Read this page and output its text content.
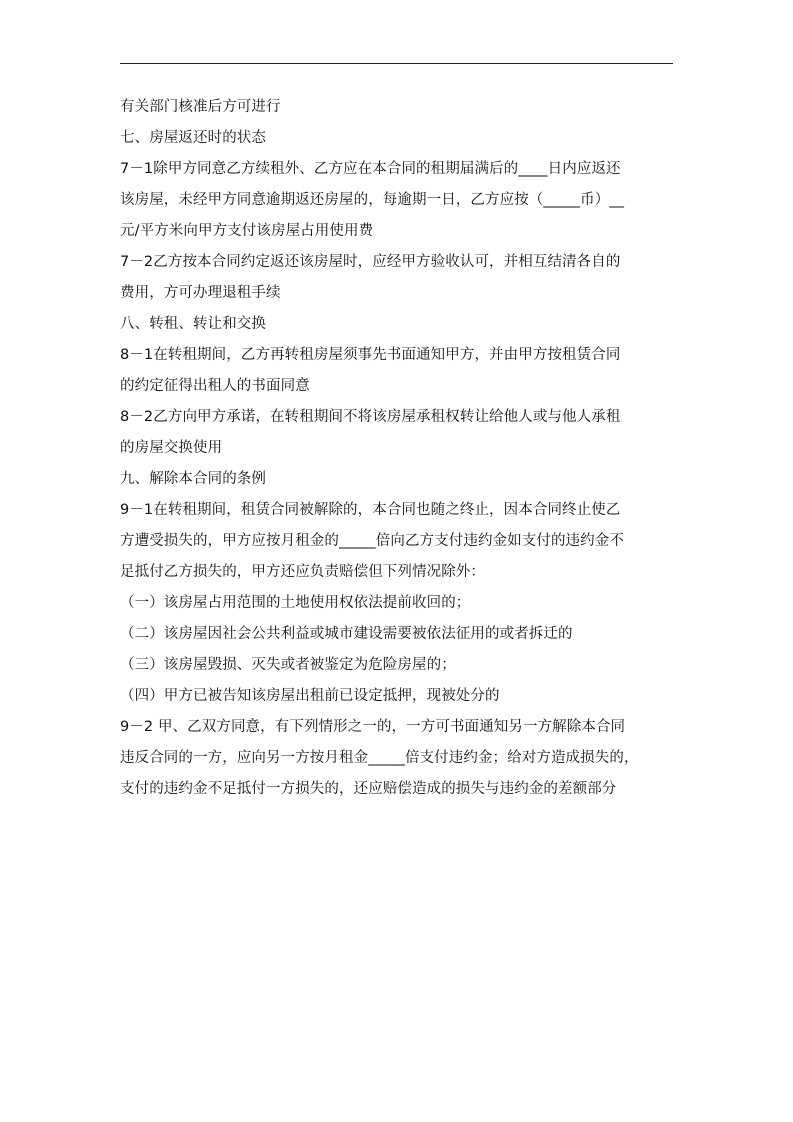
有关部门核准后方可进行
七、房屋返还时的状态
7－1除甲方同意乙方续租外、乙方应在本合同的租期届满后的____日内应返还
该房屋，未经甲方同意逾期返还房屋的，每逾期一日，乙方应按（_____币）__
元/平方米向甲方支付该房屋占用使用费
7－2乙方按本合同约定返还该房屋时，应经甲方验收认可，并相互结清各自的
费用，方可办理退租手续
八、转租、转让和交换
8－1在转租期间，乙方再转租房屋须事先书面通知甲方，并由甲方按租赁合同
的约定征得出租人的书面同意
8－2乙方向甲方承诺，在转租期间不将该房屋承租权转让给他人或与他人承租
的房屋交换使用
九、解除本合同的条例
9－1在转租期间，租赁合同被解除的，本合同也随之终止，因本合同终止使乙
方遭受损失的，甲方应按月租金的_____倍向乙方支付违约金如支付的违约金不
足抵付乙方损失的，甲方还应负责赔偿但下列情况除外：
（一）该房屋占用范围的土地使用权依法提前收回的；
（二）该房屋因社会公共利益或城市建设需要被依法征用的或者拆迁的
（三）该房屋毁损、灭失或者被鉴定为危险房屋的；
（四）甲方已被告知该房屋出租前已设定抵押，现被处分的
9－2 甲、乙双方同意，有下列情形之一的，一方可书面通知另一方解除本合同
违反合同的一方，应向另一方按月租金_____倍支付违约金；给对方造成损失的，
支付的违约金不足抵付一方损失的，还应赔偿造成的损失与违约金的差额部分
